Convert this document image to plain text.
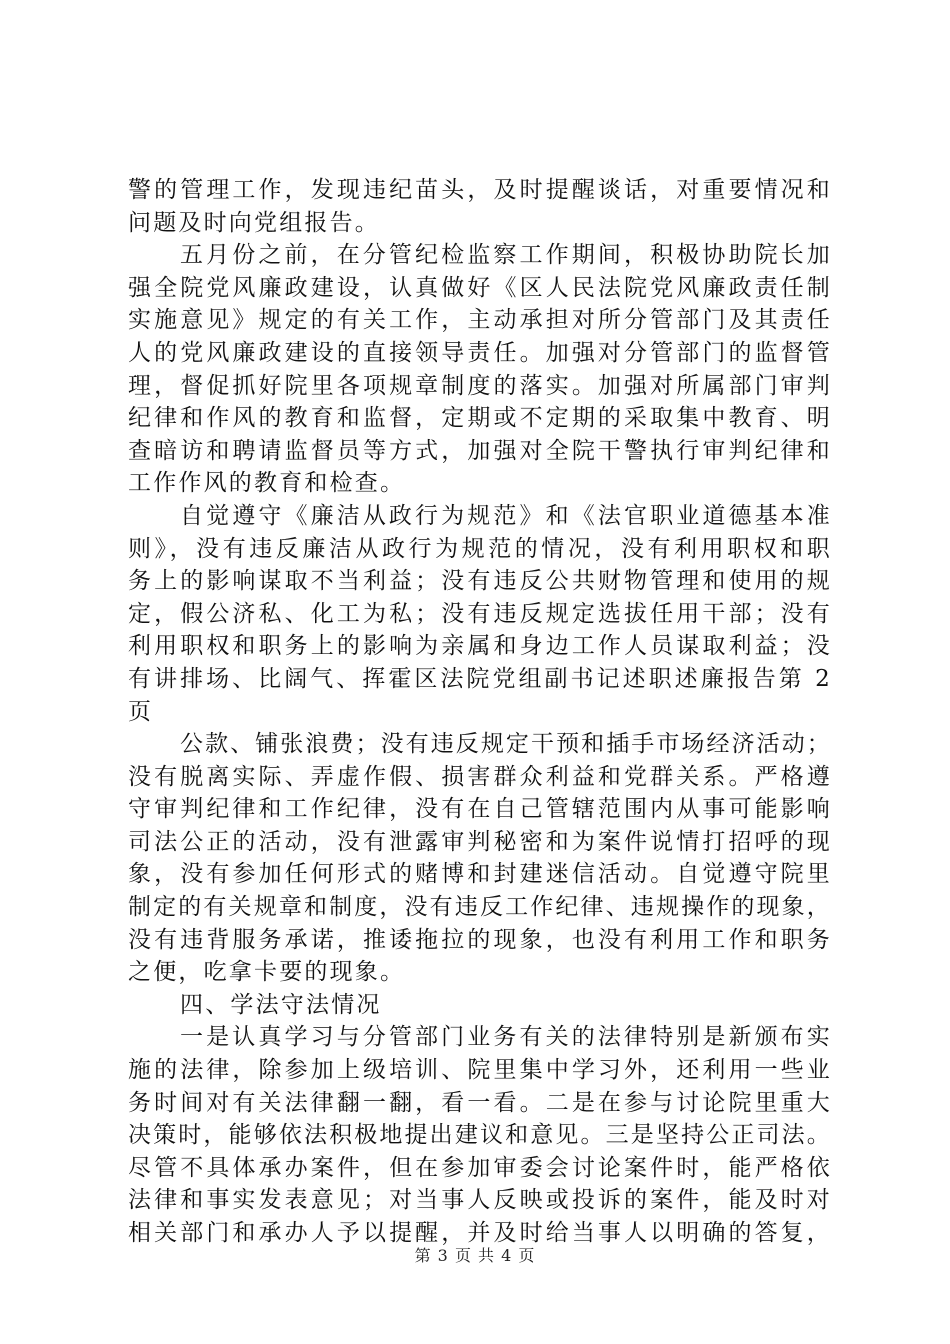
警的管理工作，发现违纪苗头，及时提醒谈话，对重要情况和
问题及时向党组报告。
五月份之前，在分管纪检监察工作期间，积极协助院长加
强全院党风廉政建设，认真做好《区人民法院党风廉政责任制
实施意见》规定的有关工作，主动承担对所分管部门及其责任
人的党风廉政建设的直接领导责任。加强对分管部门的监督管
理，督促抓好院里各项规章制度的落实。加强对所属部门审判
纪律和作风的教育和监督，定期或不定期的采取集中教育、明
查暗访和聘请监督员等方式，加强对全院干警执行审判纪律和
工作作风的教育和检查。
自觉遵守《廉洁从政行为规范》和《法官职业道德基本准
则》，没有违反廉洁从政行为规范的情况，没有利用职权和职
务上的影响谋取不当利益；没有违反公共财物管理和使用的规
定，假公济私、化工为私；没有违反规定选拔任用干部；没有
利用职权和职务上的影响为亲属和身边工作人员谋取利益；没
有讲排场、比阔气、挥霍区法院党组副书记述职述廉报告第 2
页
公款、铺张浪费；没有违反规定干预和插手市场经济活动；
没有脱离实际、弄虚作假、损害群众利益和党群关系。严格遵
守审判纪律和工作纪律，没有在自己管辖范围内从事可能影响
司法公正的活动，没有泄露审判秘密和为案件说情打招呼的现
象，没有参加任何形式的赌博和封建迷信活动。自觉遵守院里
制定的有关规章和制度，没有违反工作纪律、违规操作的现象，
没有违背服务承诺，推诿拖拉的现象，也没有利用工作和职务
之便，吃拿卡要的现象。
四、学法守法情况
一是认真学习与分管部门业务有关的法律特别是新颁布实
施的法律，除参加上级培训、院里集中学习外，还利用一些业
务时间对有关法律翻一翻，看一看。二是在参与讨论院里重大
决策时，能够依法积极地提出建议和意见。三是坚持公正司法。
尽管不具体承办案件，但在参加审委会讨论案件时，能严格依
法律和事实发表意见；对当事人反映或投诉的案件，能及时对
相关部门和承办人予以提醒，并及时给当事人以明确的答复，
第 3 页 共 4 页
